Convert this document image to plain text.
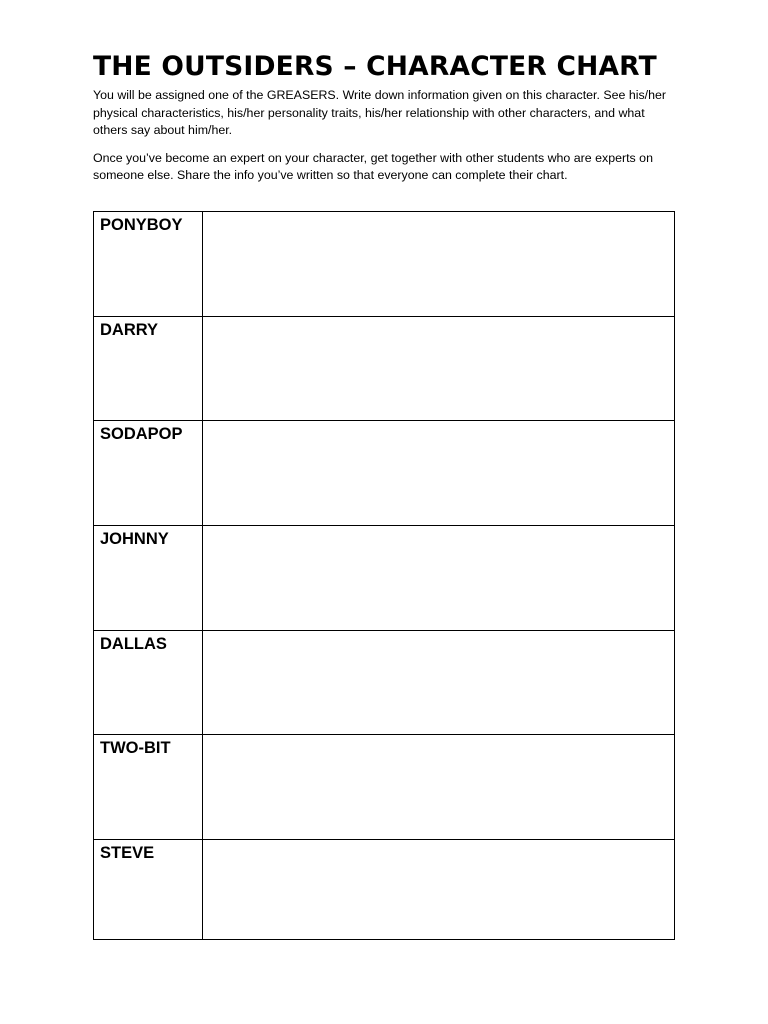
THE OUTSIDERS – CHARACTER CHART

You will be assigned one of the GREASERS. Write down information given on this character. See his/her physical characteristics, his/her personality traits, his/her relationship with other characters, and what others say about him/her.

Once you’ve become an expert on your character, get together with other students who are experts on someone else. Share the info you’ve written so that everyone can complete their chart.

PONYBOY	

DARRY	

SODAPOP	

JOHNNY	

DALLAS	

TWO-BIT	

STEVE	
